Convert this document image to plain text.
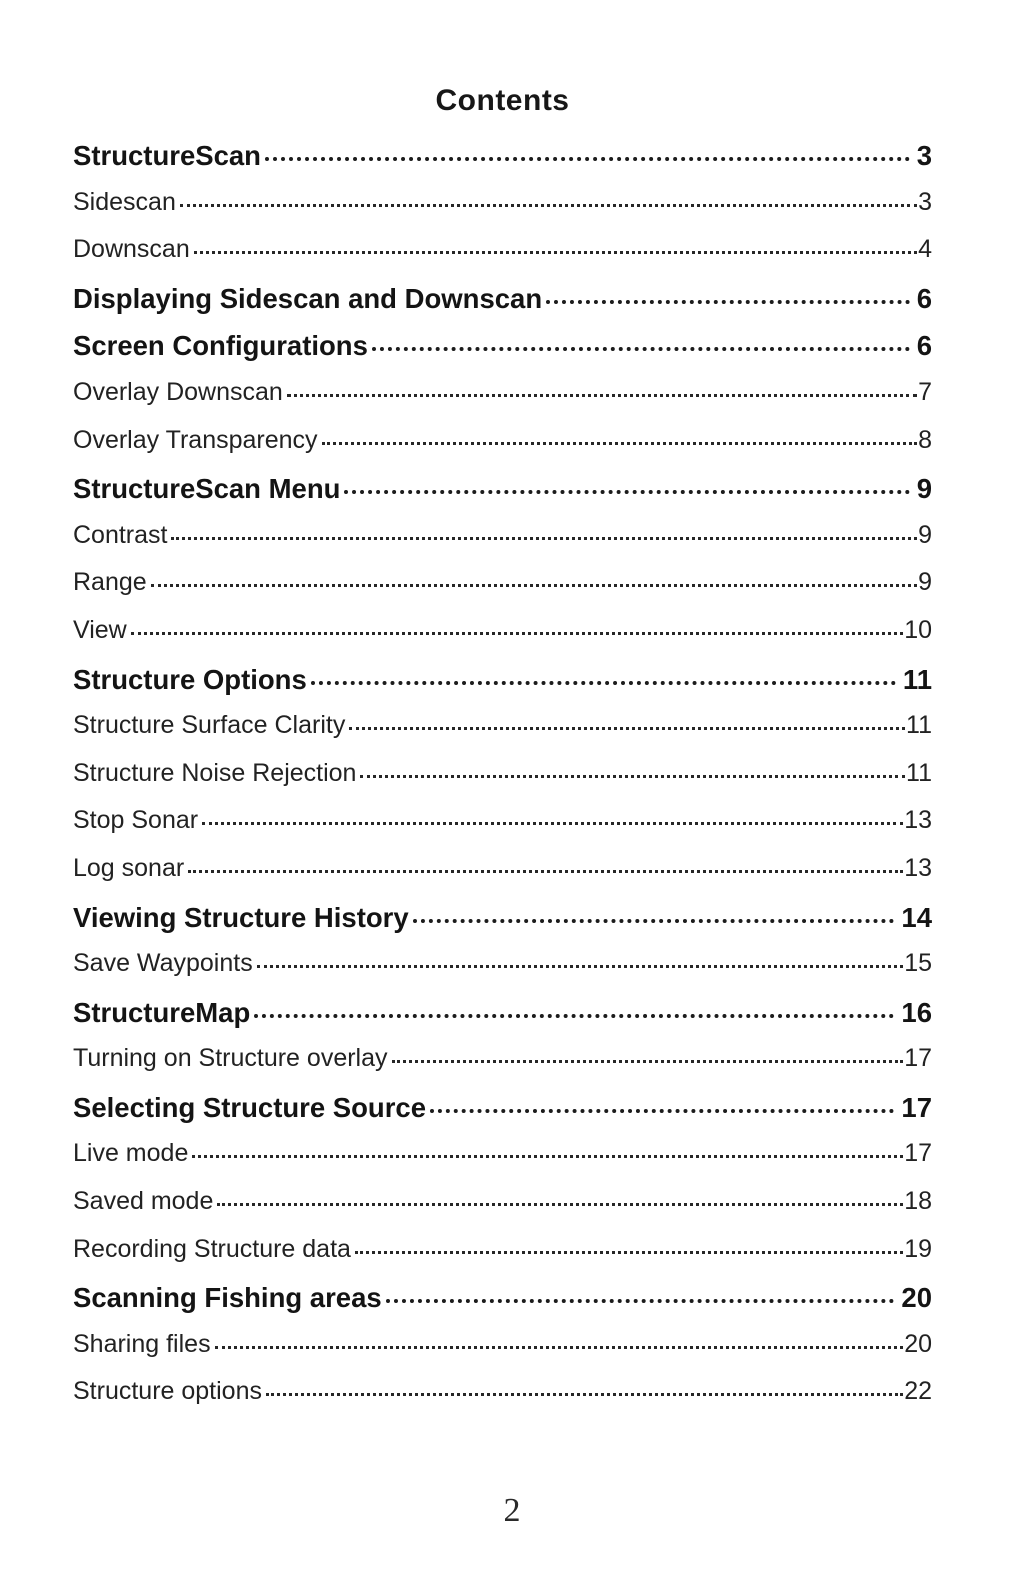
Contents
StructureScan	3
Sidescan	3
Downscan	4
Displaying Sidescan and Downscan	6
Screen Configurations	6
Overlay Downscan	7
Overlay Transparency	8
StructureScan Menu	9
Contrast	9
Range	9
View	10
Structure Options	11
Structure Surface Clarity	11
Structure Noise Rejection	11
Stop Sonar	13
Log sonar	13
Viewing Structure History	14
Save Waypoints	15
StructureMap	16
Turning on Structure overlay	17
Selecting Structure Source	17
Live mode	17
Saved mode	18
Recording Structure data	19
Scanning Fishing areas	20
Sharing files	20
Structure options	22
2
